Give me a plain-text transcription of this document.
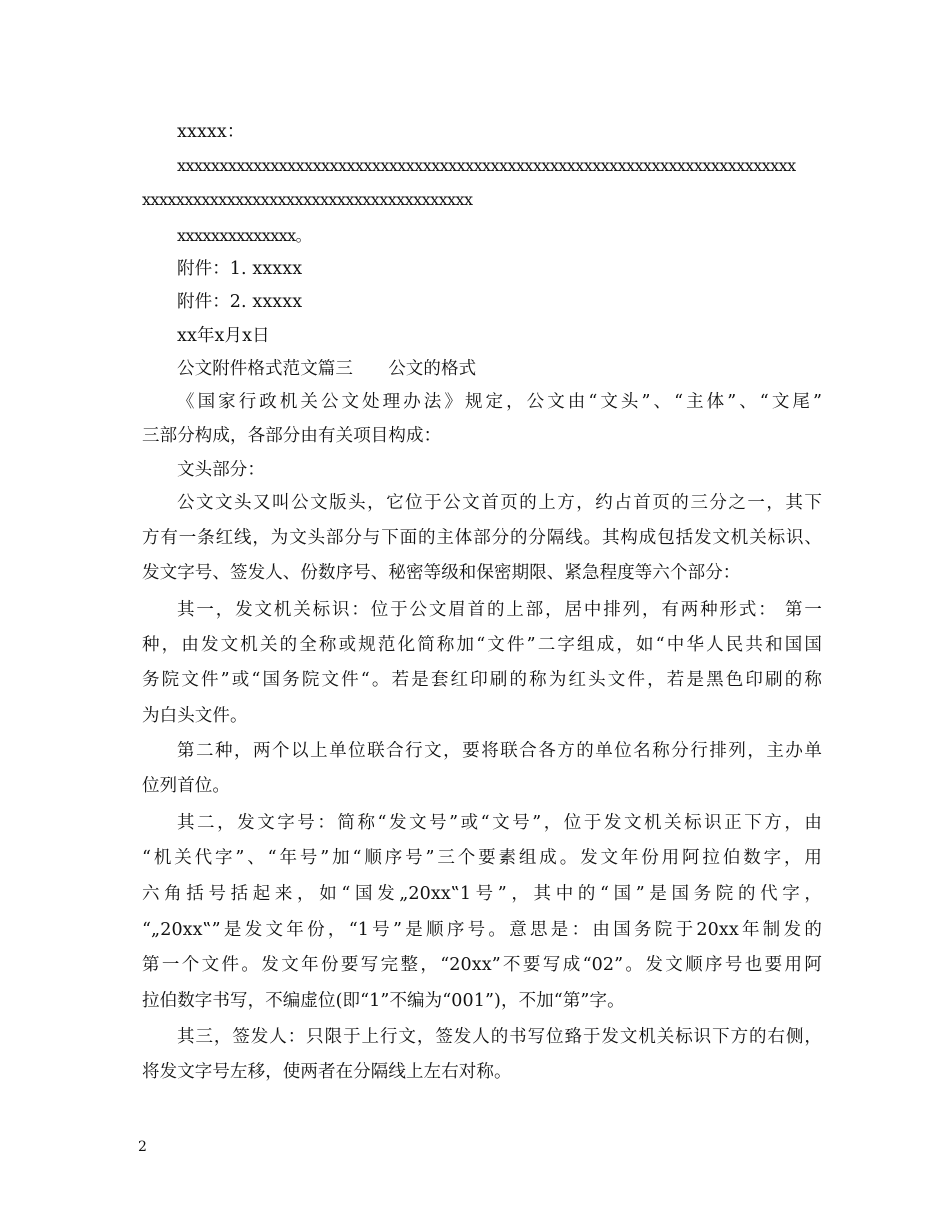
xxxxx：
xxxxxxxxxxxxxxxxxxxxxxxxxxxxxxxxxxxxxxxxxxxxxxxxxxxxxxxxxxxxxxxxxxxxxxxxx
xxxxxxxxxxxxxxxxxxxxxxxxxxxxxxxxxxxxxxx
xxxxxxxxxxxxxx。
附件：1. xxxxx
附件：2. xxxxx
xx年x月x日
公文附件格式范文篇三　　公文的格式
《国家行政机关公文处理办法》规定，公文由“文头”、“主体”、“文尾”
三部分构成，各部分由有关项目构成：
文头部分：
公文文头又叫公文版头，它位于公文首页的上方，约占首页的三分之一，其下
方有一条红线，为文头部分与下面的主体部分的分隔线。其构成包括发文机关标识、
发文字号、签发人、份数序号、秘密等级和保密期限、紧急程度等六个部分：
其一，发文机关标识：位于公文眉首的上部，居中排列，有两种形式： 第一
种，由发文机关的全称或规范化简称加“文件”二字组成，如“中华人民共和国国
务院文件”或“国务院文件“。若是套红印刷的称为红头文件，若是黑色印刷的称
为白头文件。
第二种，两个以上单位联合行文，要将联合各方的单位名称分行排列，主办单
位列首位。
其二，发文字号：简称“发文号”或“文号”，位于发文机关标识正下方，由
“机关代字”、“年号”加“顺序号”三个要素组成。发文年份用阿拉伯数字，用
六角括号括起来，如“国发„20xx‟1号”，其中的“国”是国务院的代字，
“„20xx‟”是发文年份，“1号”是顺序号。意思是：由国务院于20xx年制发的
第一个文件。发文年份要写完整，“20xx”不要写成“02”。发文顺序号也要用阿
拉伯数字书写，不编虚位(即“1”不编为“001”)，不加“第”字。
其三，签发人：只限于上行文，签发人的书写位臵于发文机关标识下方的右侧，
将发文字号左移，使两者在分隔线上左右对称。
2
